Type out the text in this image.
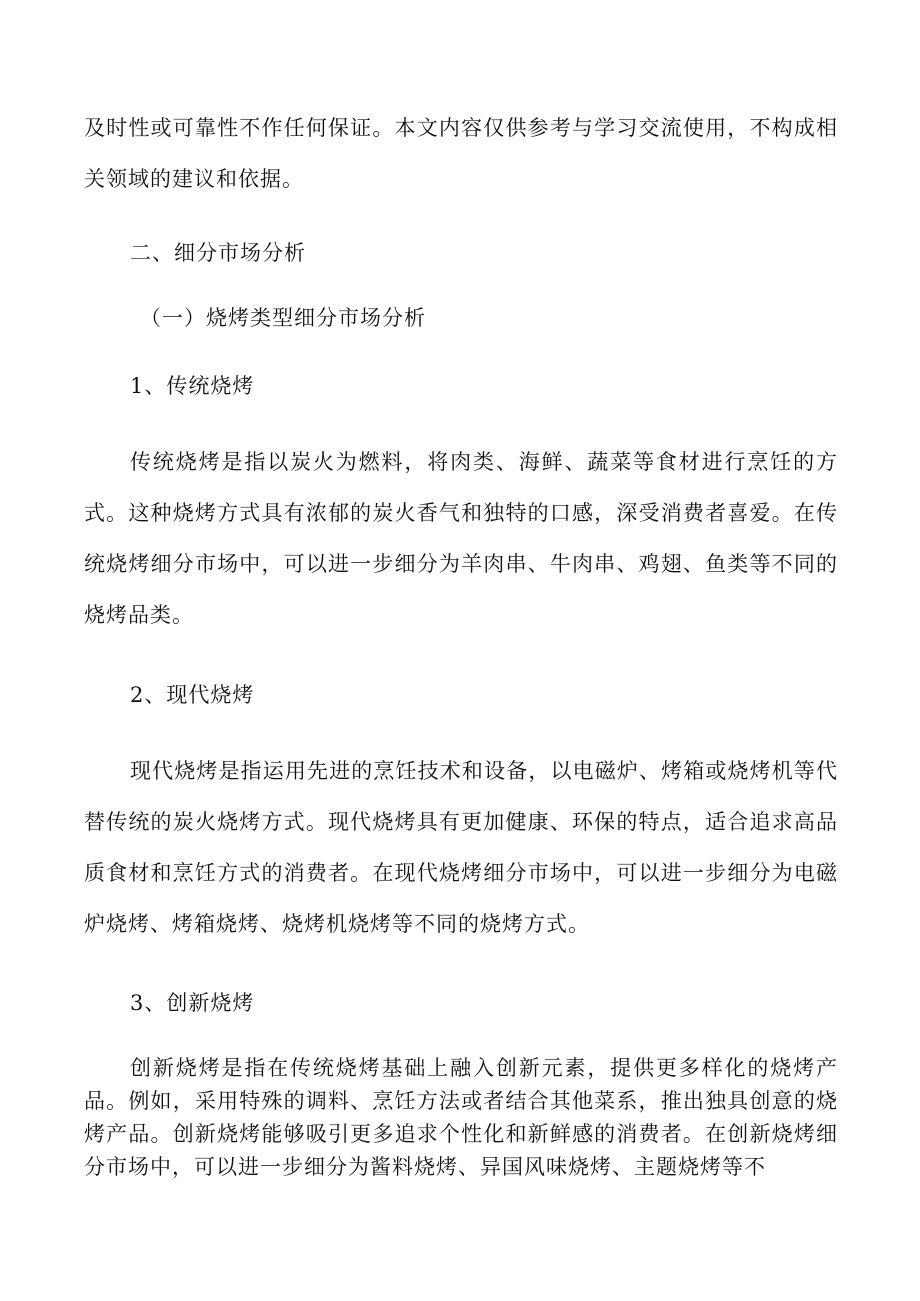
及时性或可靠性不作任何保证。本文内容仅供参考与学习交流使用，不构成相关领域的建议和依据。

二、细分市场分析
（一）烧烤类型细分市场分析
1、传统烧烤

传统烧烤是指以炭火为燃料，将肉类、海鲜、蔬菜等食材进行烹饪的方式。这种烧烤方式具有浓郁的炭火香气和独特的口感，深受消费者喜爱。在传统烧烤细分市场中，可以进一步细分为羊肉串、牛肉串、鸡翅、鱼类等不同的烧烤品类。

2、现代烧烤

现代烧烤是指运用先进的烹饪技术和设备，以电磁炉、烤箱或烧烤机等代替传统的炭火烧烤方式。现代烧烤具有更加健康、环保的特点，适合追求高品质食材和烹饪方式的消费者。在现代烧烤细分市场中，可以进一步细分为电磁炉烧烤、烤箱烧烤、烧烤机烧烤等不同的烧烤方式。

3、创新烧烤

创新烧烤是指在传统烧烤基础上融入创新元素，提供更多样化的烧烤产品。例如，采用特殊的调料、烹饪方法或者结合其他菜系，推出独具创意的烧烤产品。创新烧烤能够吸引更多追求个性化和新鲜感的消费者。在创新烧烤细分市场中，可以进一步细分为酱料烧烤、异国风味烧烤、主题烧烤等不
